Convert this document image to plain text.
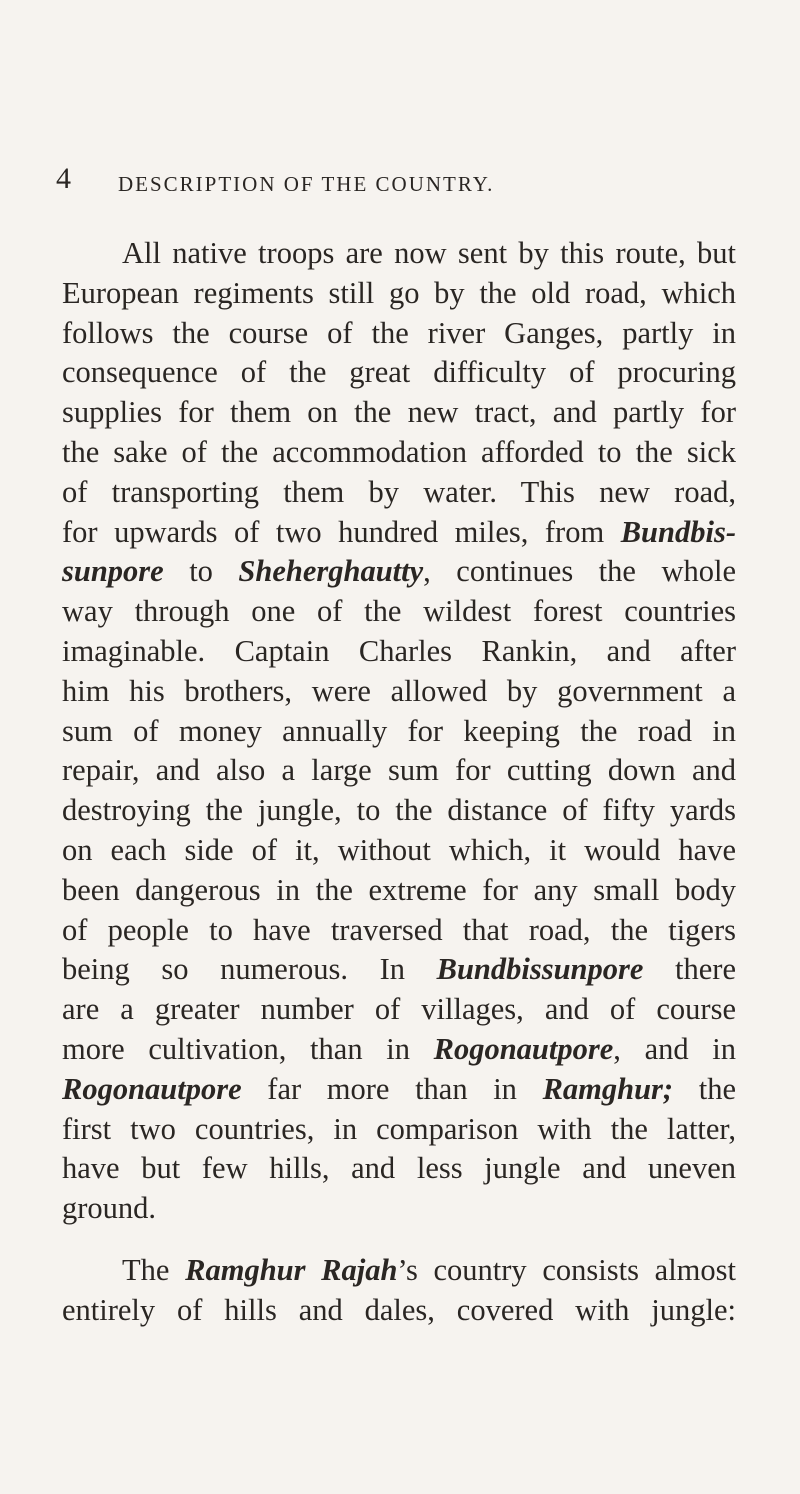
4 DESCRIPTION OF THE COUNTRY.
All native troops are now sent by this route, but
European regiments still go by the old road, which
follows the course of the river Ganges, partly in
consequence of the great difficulty of procuring
supplies for them on the new tract, and partly for
the sake of the accommodation afforded to the sick
of transporting them by water. This new road,
for upwards of two hundred miles, from Bundbis-
sunpore to Sheherghautty, continues the whole
way through one of the wildest forest countries
imaginable. Captain Charles Rankin, and after
him his brothers, were allowed by government a
sum of money annually for keeping the road in
repair, and also a large sum for cutting down and
destroying the jungle, to the distance of fifty yards
on each side of it, without which, it would have
been dangerous in the extreme for any small body
of people to have traversed that road, the tigers
being so numerous. In Bundbissunpore there
are a greater number of villages, and of course
more cultivation, than in Rogonautpore, and in
Rogonautpore far more than in Ramghur; the
first two countries, in comparison with the latter,
have but few hills, and less jungle and uneven
ground.
The Ramghur Rajah’s country consists almost
entirely of hills and dales, covered with jungle:
